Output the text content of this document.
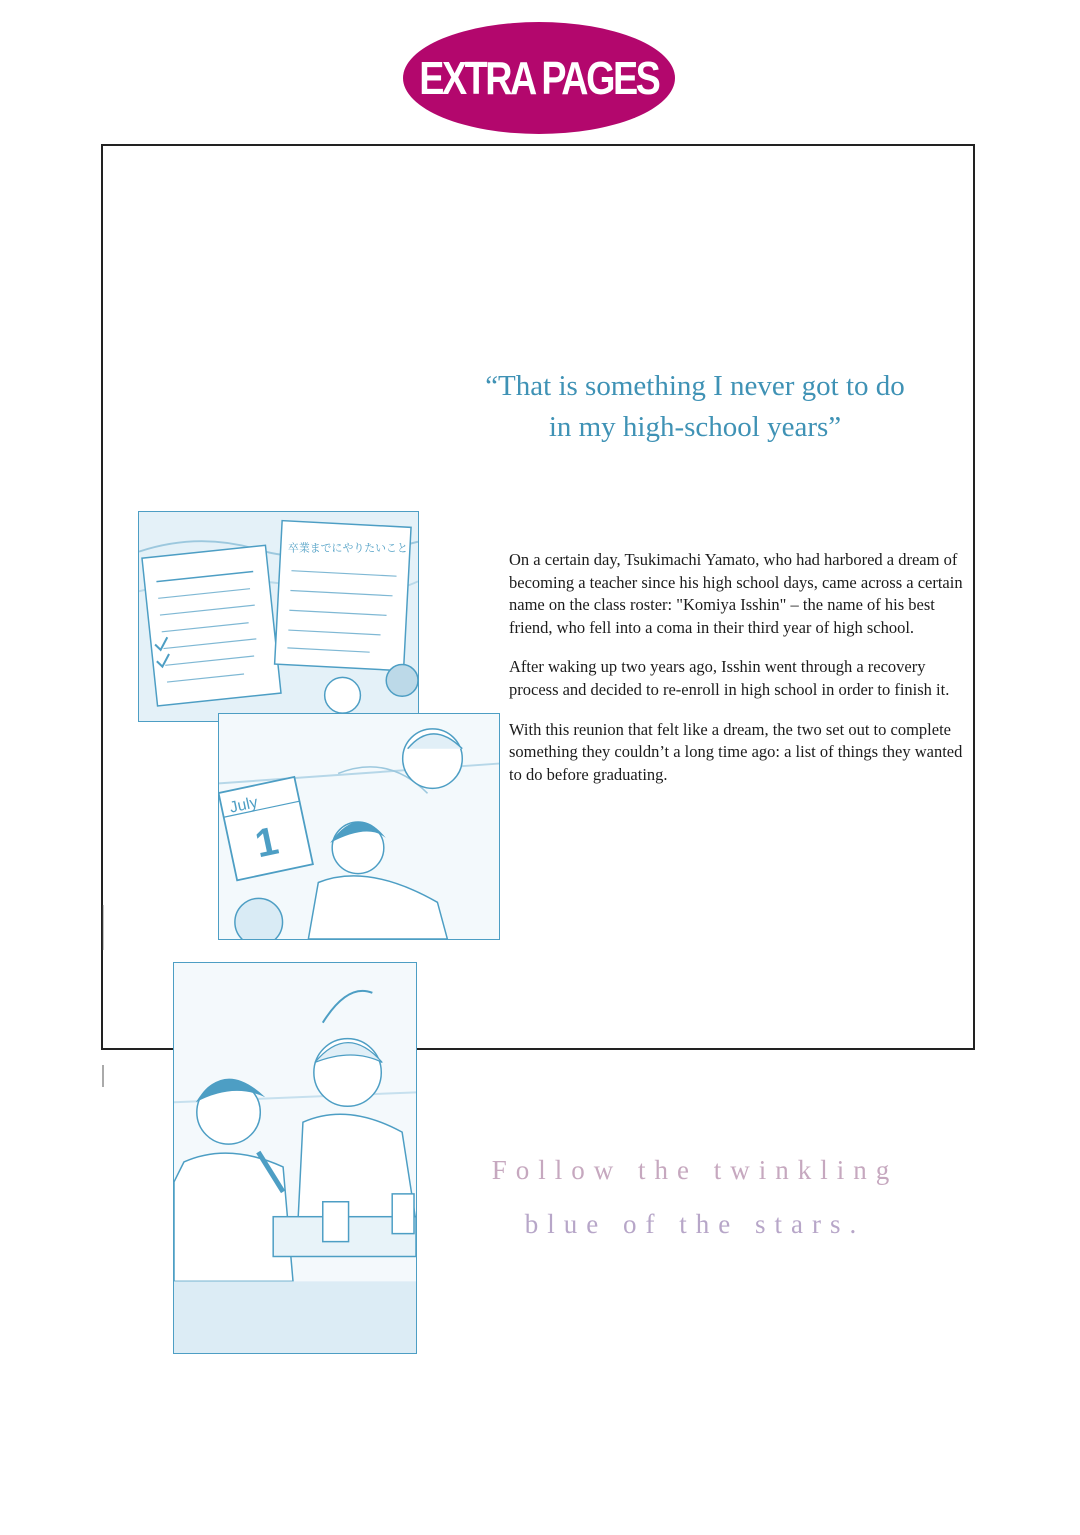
EXTRA PAGES
“That is something I never got to do
in my high-school years”

On a certain day, Tsukimachi Yamato, who had harbored a dream of becoming a teacher since his high school days, came across a certain name on the class roster: "Komiya Isshin" – the name of his best friend, who fell into a coma in their third year of high school.

After waking up two years ago, Isshin went through a recovery process and decided to re-enroll in high school in order to finish it.

With this reunion that felt like a dream, the two set out to complete something they couldn’t a long time ago: a list of things they wanted to do before graduating.

Follow the twinkling
blue of the stars.
卒業までにやりたいこと
July
1
